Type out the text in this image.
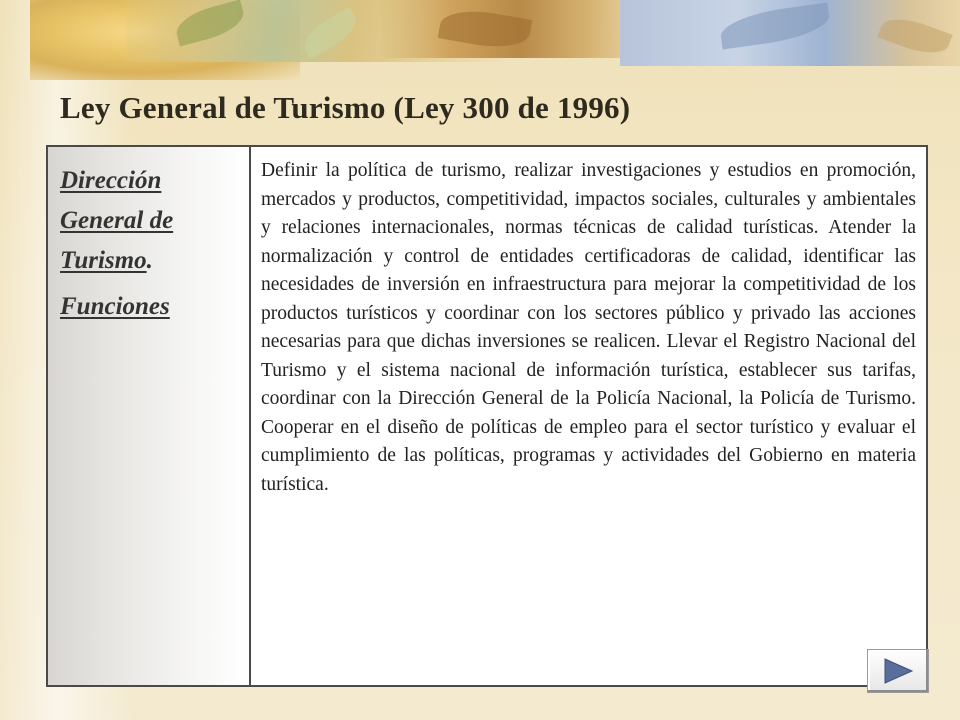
Ley General de Turismo (Ley 300 de 1996)
Dirección
General de
Turismo.
Funciones
Definir la política de turismo, realizar investigaciones y estudios en promoción, mercados y productos, competitividad, impactos sociales, culturales y ambientales y relaciones internacionales, normas técnicas de calidad turísticas. Atender la normalización y control de entidades certificadoras de calidad, identificar las necesidades de inversión en infraestructura para mejorar la competitividad de los productos turísticos y coordinar con los sectores público y privado las acciones necesarias para que dichas inversiones se realicen. Llevar el Registro Nacional del Turismo y el sistema nacional de información turística, establecer sus tarifas, coordinar con la Dirección General de la Policía Nacional, la Policía de Turismo. Cooperar en el diseño de políticas de empleo para el sector turístico y evaluar el cumplimiento de las políticas, programas y actividades del Gobierno en materia turística.
